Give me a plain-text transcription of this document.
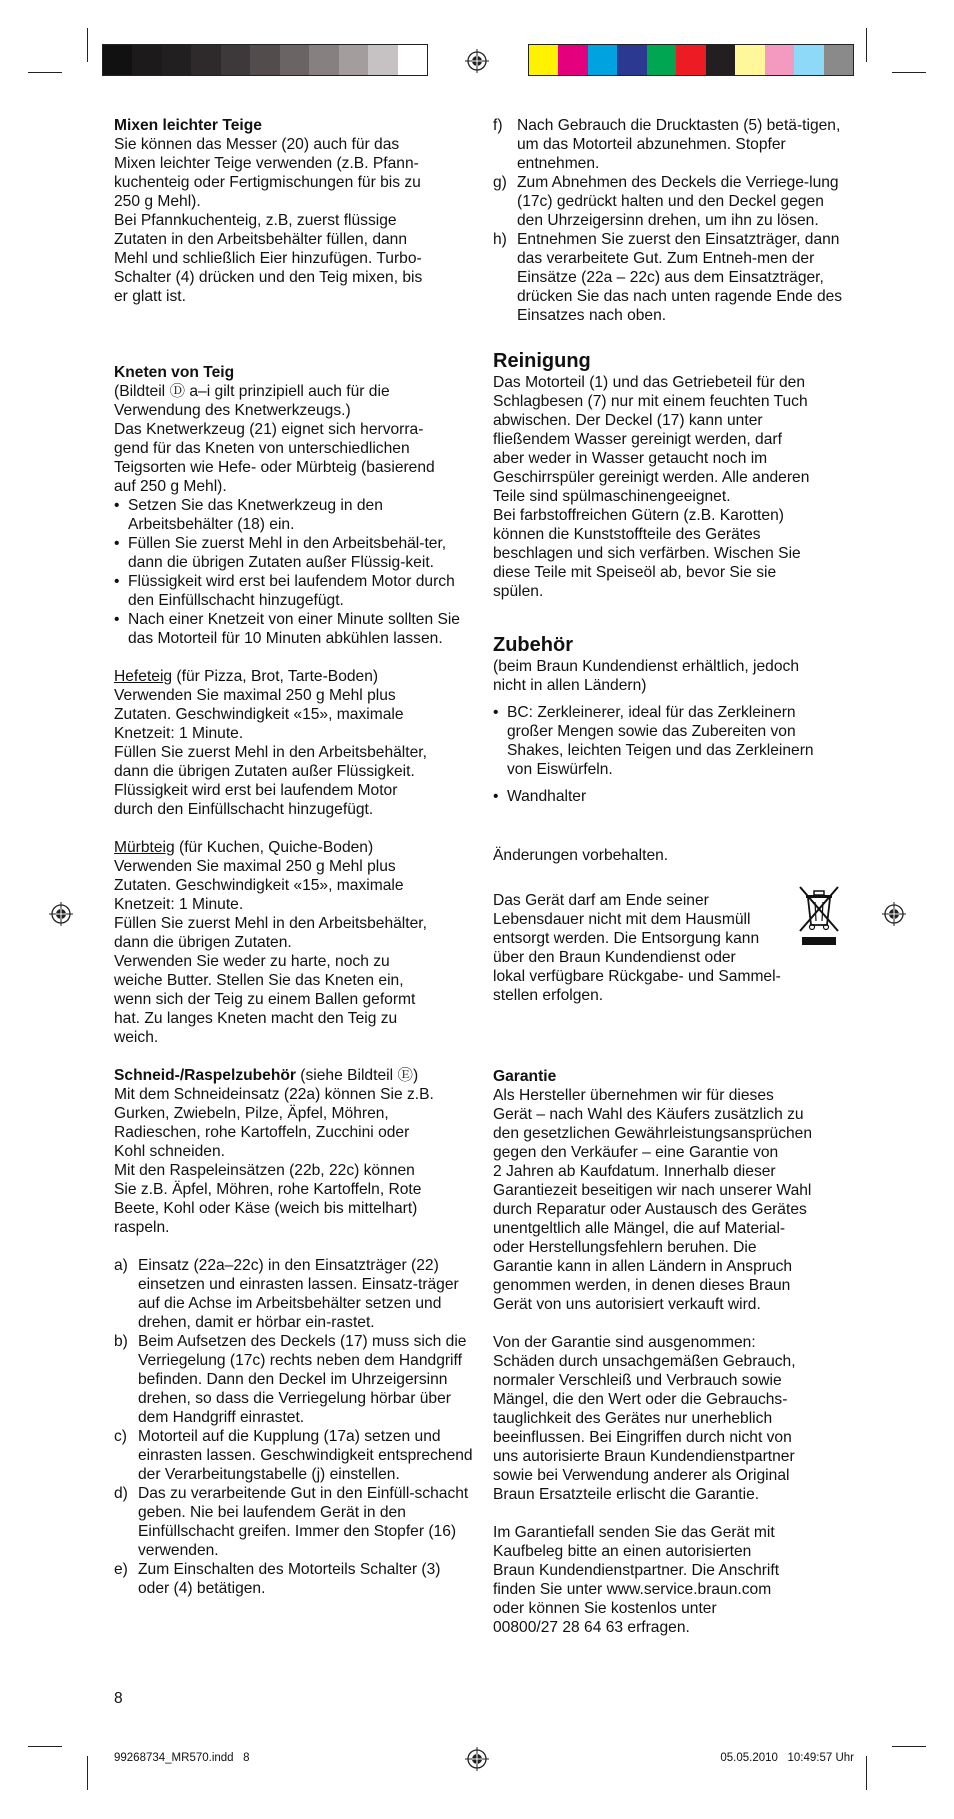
Mixen leichter Teige

Sie können das Messer (20) auch für das

Mixen leichter Teige verwenden (z.B. Pfann-

kuchenteig oder Fertigmischungen für bis zu

250 g Mehl).

Bei Pfannkuchenteig, z.B, zuerst flüssige

Zutaten in den Arbeitsbehälter füllen, dann

Mehl und schließlich Eier hinzufügen. Turbo-

Schalter (4) drücken und den Teig mixen, bis

er glatt ist.

Kneten von Teig

(Bildteil Ⓓ a–i gilt prinzipiell auch für die

Verwendung des Knetwerkzeugs.)

Das Knetwerkzeug (21) eignet sich hervorra-

gend für das Kneten von unterschiedlichen

Teigsorten wie Hefe- oder Mürbteig (basierend

auf 250 g Mehl).

• Setzen Sie das Knetwerkzeug in den Arbeitsbehälter (18) ein.
• Füllen Sie zuerst Mehl in den Arbeitsbehäl-ter, dann die übrigen Zutaten außer Flüssig-keit.
• Flüssigkeit wird erst bei laufendem Motor durch den Einfüllschacht hinzugefügt.
• Nach einer Knetzeit von einer Minute sollten Sie das Motorteil für 10 Minuten abkühlen lassen.

Hefeteig (für Pizza, Brot, Tarte-Boden)

Verwenden Sie maximal 250 g Mehl plus

Zutaten. Geschwindigkeit «15», maximale

Knetzeit: 1 Minute.

Füllen Sie zuerst Mehl in den Arbeitsbehälter,

dann die übrigen Zutaten außer Flüssigkeit.

Flüssigkeit wird erst bei laufendem Motor

durch den Einfüllschacht hinzugefügt.

Mürbteig (für Kuchen, Quiche-Boden)

Verwenden Sie maximal 250 g Mehl plus

Zutaten. Geschwindigkeit «15», maximale

Knetzeit: 1 Minute.

Füllen Sie zuerst Mehl in den Arbeitsbehälter,

dann die übrigen Zutaten.

Verwenden Sie weder zu harte, noch zu

weiche Butter. Stellen Sie das Kneten ein,

wenn sich der Teig zu einem Ballen geformt

hat. Zu langes Kneten macht den Teig zu

weich.

Schneid-/Raspelzubehör (siehe Bildteil Ⓔ)

Mit dem Schneideinsatz (22a) können Sie z.B.

Gurken, Zwiebeln, Pilze, Äpfel, Möhren,

Radieschen, rohe Kartoffeln, Zucchini oder

Kohl schneiden.

Mit den Raspeleinsätzen (22b, 22c) können

Sie z.B. Äpfel, Möhren, rohe Kartoffeln, Rote

Beete, Kohl oder Käse (weich bis mittelhart)

raspeln.

a) Einsatz (22a–22c) in den Einsatzträger (22) einsetzen und einrasten lassen. Einsatz-träger auf die Achse im Arbeitsbehälter setzen und drehen, damit er hörbar ein-rastet.
b) Beim Aufsetzen des Deckels (17) muss sich die Verriegelung (17c) rechts neben dem Handgriff befinden. Dann den Deckel im Uhrzeigersinn drehen, so dass die Verriegelung hörbar über dem Handgriff einrastet.
c) Motorteil auf die Kupplung (17a) setzen und einrasten lassen. Geschwindigkeit entsprechend der Verarbeitungstabelle (j) einstellen.
d) Das zu verarbeitende Gut in den Einfüll-schacht geben. Nie bei laufendem Gerät in den Einfüllschacht greifen. Immer den Stopfer (16) verwenden.
e) Zum Einschalten des Motorteils Schalter (3) oder (4) betätigen.
f) Nach Gebrauch die Drucktasten (5) betä-tigen, um das Motorteil abzunehmen. Stopfer entnehmen.
g) Zum Abnehmen des Deckels die Verriege-lung (17c) gedrückt halten und den Deckel gegen den Uhrzeigersinn drehen, um ihn zu lösen.
h) Entnehmen Sie zuerst den Einsatzträger, dann das verarbeitete Gut. Zum Entneh-men der Einsätze (22a – 22c) aus dem Einsatzträger, drücken Sie das nach unten ragende Ende des Einsatzes nach oben.

Reinigung

Das Motorteil (1) und das Getriebeteil für den

Schlagbesen (7) nur mit einem feuchten Tuch

abwischen. Der Deckel (17) kann unter

fließendem Wasser gereinigt werden, darf

aber weder in Wasser getaucht noch im

Geschirrspüler gereinigt werden. Alle anderen

Teile sind spülmaschinengeeignet.

Bei farbstoffreichen Gütern (z.B. Karotten)

können die Kunststoffteile des Gerätes

beschlagen und sich verfärben. Wischen Sie

diese Teile mit Speiseöl ab, bevor Sie sie

spülen.

Zubehör

(beim Braun Kundendienst erhältlich, jedoch

nicht in allen Ländern)

• BC: Zerkleinerer, ideal für das Zerkleinern großer Mengen sowie das Zubereiten von Shakes, leichten Teigen und das Zerkleinern von Eiswürfeln.
• Wandhalter

Änderungen vorbehalten.

Das Gerät darf am Ende seiner

Lebensdauer nicht mit dem Hausmüll

entsorgt werden. Die Entsorgung kann

über den Braun Kundendienst oder

lokal verfügbare Rückgabe- und Sammel-

stellen erfolgen.

Garantie

Als Hersteller übernehmen wir für dieses

Gerät – nach Wahl des Käufers zusätzlich zu

den gesetzlichen Gewährleistungsansprüchen

gegen den Verkäufer – eine Garantie von

2 Jahren ab Kaufdatum. Innerhalb dieser

Garantiezeit beseitigen wir nach unserer Wahl

durch Reparatur oder Austausch des Gerätes

unentgeltlich alle Mängel, die auf Material-

oder Herstellungsfehlern beruhen. Die

Garantie kann in allen Ländern in Anspruch

genommen werden, in denen dieses Braun

Gerät von uns autorisiert verkauft wird.

Von der Garantie sind ausgenommen:

Schäden durch unsachgemäßen Gebrauch,

normaler Verschleiß und Verbrauch sowie

Mängel, die den Wert oder die Gebrauchs-

tauglichkeit des Gerätes nur unerheblich

beeinflussen. Bei Eingriffen durch nicht von

uns autorisierte Braun Kundendienstpartner

sowie bei Verwendung anderer als Original

Braun Ersatzteile erlischt die Garantie.

Im Garantiefall senden Sie das Gerät mit

Kaufbeleg bitte an einen autorisierten

Braun Kundendienstpartner. Die Anschrift

finden Sie unter www.service.braun.com

oder können Sie kostenlos unter

00800/27 28 64 63 erfragen.

8
99268734_MR570.indd   8	05.05.2010   10:49:57 Uhr
